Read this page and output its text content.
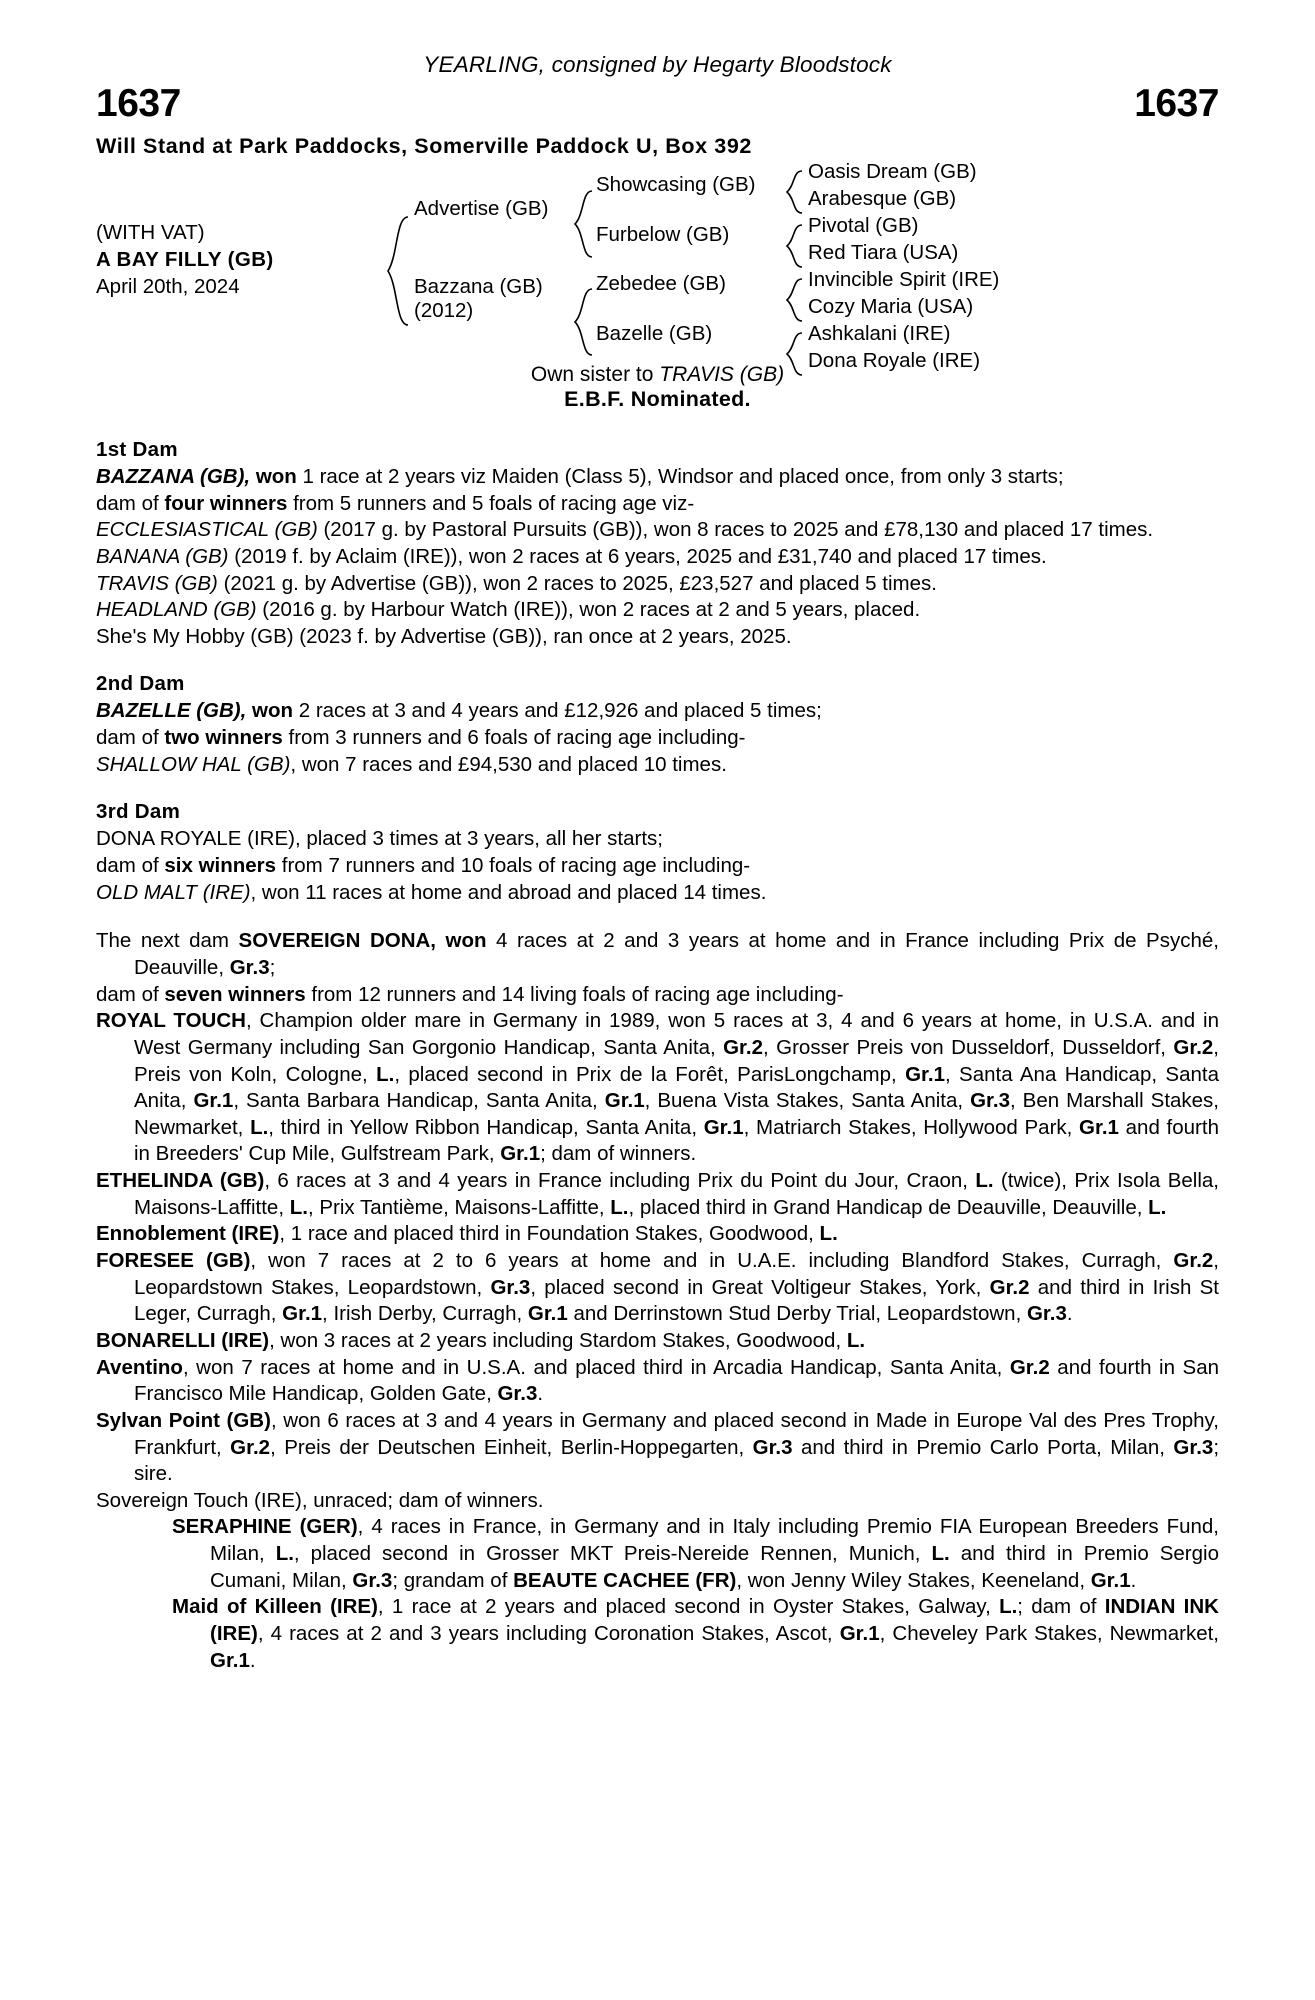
YEARLING, consigned by Hegarty Bloodstock
1637	1637
Will Stand at Park Paddocks, Somerville Paddock U, Box 392
(WITH VAT)
A BAY FILLY (GB)
April 20th, 2024
Advertise (GB)
Bazzana (GB)
(2012)
Showcasing (GB)
Furbelow (GB)
Zebedee (GB)
Bazelle (GB)
Oasis Dream (GB)
Arabesque (GB)
Pivotal (GB)
Red Tiara (USA)
Invincible Spirit (IRE)
Cozy Maria (USA)
Ashkalani (IRE)
Dona Royale (IRE)
Own sister to TRAVIS (GB)
E.B.F. Nominated.
1st Dam

BAZZANA (GB), won 1 race at 2 years viz Maiden (Class 5), Windsor and placed once, from only 3 starts;

dam of four winners from 5 runners and 5 foals of racing age viz-

ECCLESIASTICAL (GB) (2017 g. by Pastoral Pursuits (GB)), won 8 races to 2025 and £78,130 and placed 17 times.

BANANA (GB) (2019 f. by Aclaim (IRE)), won 2 races at 6 years, 2025 and £31,740 and placed 17 times.

TRAVIS (GB) (2021 g. by Advertise (GB)), won 2 races to 2025, £23,527 and placed 5 times.

HEADLAND (GB) (2016 g. by Harbour Watch (IRE)), won 2 races at 2 and 5 years, placed.

She's My Hobby (GB) (2023 f. by Advertise (GB)), ran once at 2 years, 2025.

2nd Dam

BAZELLE (GB), won 2 races at 3 and 4 years and £12,926 and placed 5 times;

dam of two winners from 3 runners and 6 foals of racing age including-

SHALLOW HAL (GB), won 7 races and £94,530 and placed 10 times.

3rd Dam

DONA ROYALE (IRE), placed 3 times at 3 years, all her starts;

dam of six winners from 7 runners and 10 foals of racing age including-

OLD MALT (IRE), won 11 races at home and abroad and placed 14 times.

The next dam SOVEREIGN DONA, won 4 races at 2 and 3 years at home and in France including Prix de Psyché, Deauville, Gr.3;

dam of seven winners from 12 runners and 14 living foals of racing age including-

ROYAL TOUCH, Champion older mare in Germany in 1989, won 5 races at 3, 4 and 6 years at home, in U.S.A. and in West Germany including San Gorgonio Handicap, Santa Anita, Gr.2, Grosser Preis von Dusseldorf, Dusseldorf, Gr.2, Preis von Koln, Cologne, L., placed second in Prix de la Forêt, ParisLongchamp, Gr.1, Santa Ana Handicap, Santa Anita, Gr.1, Santa Barbara Handicap, Santa Anita, Gr.1, Buena Vista Stakes, Santa Anita, Gr.3, Ben Marshall Stakes, Newmarket, L., third in Yellow Ribbon Handicap, Santa Anita, Gr.1, Matriarch Stakes, Hollywood Park, Gr.1 and fourth in Breeders' Cup Mile, Gulfstream Park, Gr.1; dam of winners.

ETHELINDA (GB), 6 races at 3 and 4 years in France including Prix du Point du Jour, Craon, L. (twice), Prix Isola Bella, Maisons-Laffitte, L., Prix Tantième, Maisons-Laffitte, L., placed third in Grand Handicap de Deauville, Deauville, L.

Ennoblement (IRE), 1 race and placed third in Foundation Stakes, Goodwood, L.

FORESEE (GB), won 7 races at 2 to 6 years at home and in U.A.E. including Blandford Stakes, Curragh, Gr.2, Leopardstown Stakes, Leopardstown, Gr.3, placed second in Great Voltigeur Stakes, York, Gr.2 and third in Irish St Leger, Curragh, Gr.1, Irish Derby, Curragh, Gr.1 and Derrinstown Stud Derby Trial, Leopardstown, Gr.3.

BONARELLI (IRE), won 3 races at 2 years including Stardom Stakes, Goodwood, L.

Aventino, won 7 races at home and in U.S.A. and placed third in Arcadia Handicap, Santa Anita, Gr.2 and fourth in San Francisco Mile Handicap, Golden Gate, Gr.3.

Sylvan Point (GB), won 6 races at 3 and 4 years in Germany and placed second in Made in Europe Val des Pres Trophy, Frankfurt, Gr.2, Preis der Deutschen Einheit, Berlin-Hoppegarten, Gr.3 and third in Premio Carlo Porta, Milan, Gr.3; sire.

Sovereign Touch (IRE), unraced; dam of winners.

SERAPHINE (GER), 4 races in France, in Germany and in Italy including Premio FIA European Breeders Fund, Milan, L., placed second in Grosser MKT Preis-Nereide Rennen, Munich, L. and third in Premio Sergio Cumani, Milan, Gr.3; grandam of BEAUTE CACHEE (FR), won Jenny Wiley Stakes, Keeneland, Gr.1.

Maid of Killeen (IRE), 1 race at 2 years and placed second in Oyster Stakes, Galway, L.; dam of INDIAN INK (IRE), 4 races at 2 and 3 years including Coronation Stakes, Ascot, Gr.1, Cheveley Park Stakes, Newmarket, Gr.1.
